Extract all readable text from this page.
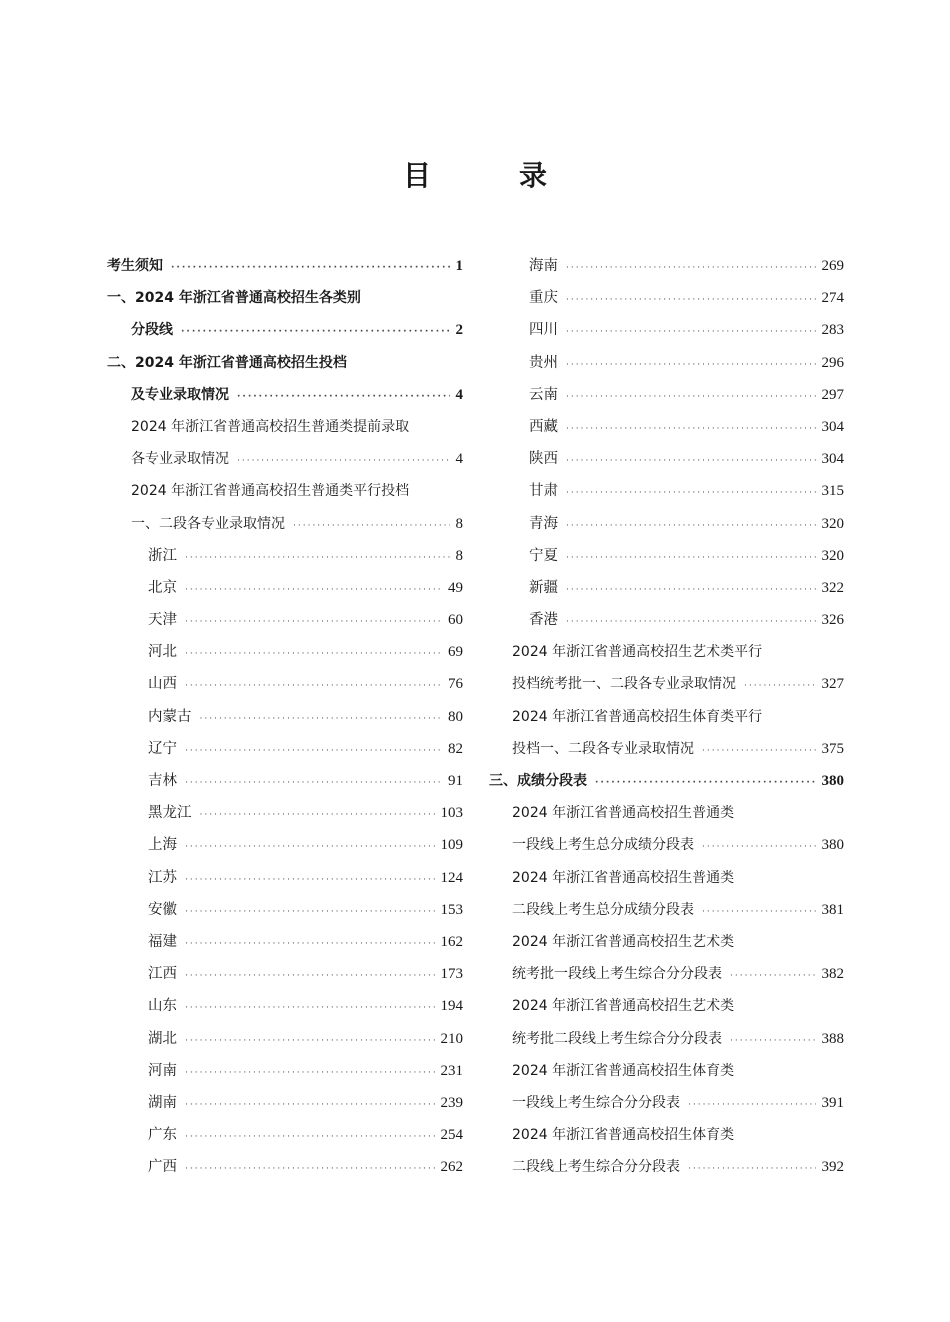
目　录
考生须知 ·····	1
一、2024 年浙江省普通高校招生各类别
分段线 ·····	2
二、2024 年浙江省普通高校招生投档
及专业录取情况 ·····	4
2024 年浙江省普通高校招生普通类提前录取
各专业录取情况 ·····	4
2024 年浙江省普通高校招生普通类平行投档
一、二段各专业录取情况 ·····	8
浙江 ·····	8
北京 ·····	49
天津 ·····	60
河北 ·····	69
山西 ·····	76
内蒙古 ·····	80
辽宁 ·····	82
吉林 ·····	91
黑龙江 ·····	103
上海 ·····	109
江苏 ·····	124
安徽 ·····	153
福建 ·····	162
江西 ·····	173
山东 ·····	194
湖北 ·····	210
河南 ·····	231
湖南 ·····	239
广东 ·····	254
广西 ·····	262
海南 ·····	269
重庆 ·····	274
四川 ·····	283
贵州 ·····	296
云南 ·····	297
西藏 ·····	304
陕西 ·····	304
甘肃 ·····	315
青海 ·····	320
宁夏 ·····	320
新疆 ·····	322
香港 ·····	326
2024 年浙江省普通高校招生艺术类平行
投档统考批一、二段各专业录取情况 ·····	327
2024 年浙江省普通高校招生体育类平行
投档一、二段各专业录取情况 ·····	375
三、成绩分段表 ·····	380
2024 年浙江省普通高校招生普通类
一段线上考生总分成绩分段表 ·····	380
2024 年浙江省普通高校招生普通类
二段线上考生总分成绩分段表 ·····	381
2024 年浙江省普通高校招生艺术类
统考批一段线上考生综合分分段表 ·····	382
2024 年浙江省普通高校招生艺术类
统考批二段线上考生综合分分段表 ·····	388
2024 年浙江省普通高校招生体育类
一段线上考生综合分分段表 ·····	391
2024 年浙江省普通高校招生体育类
二段线上考生综合分分段表 ·····	392
